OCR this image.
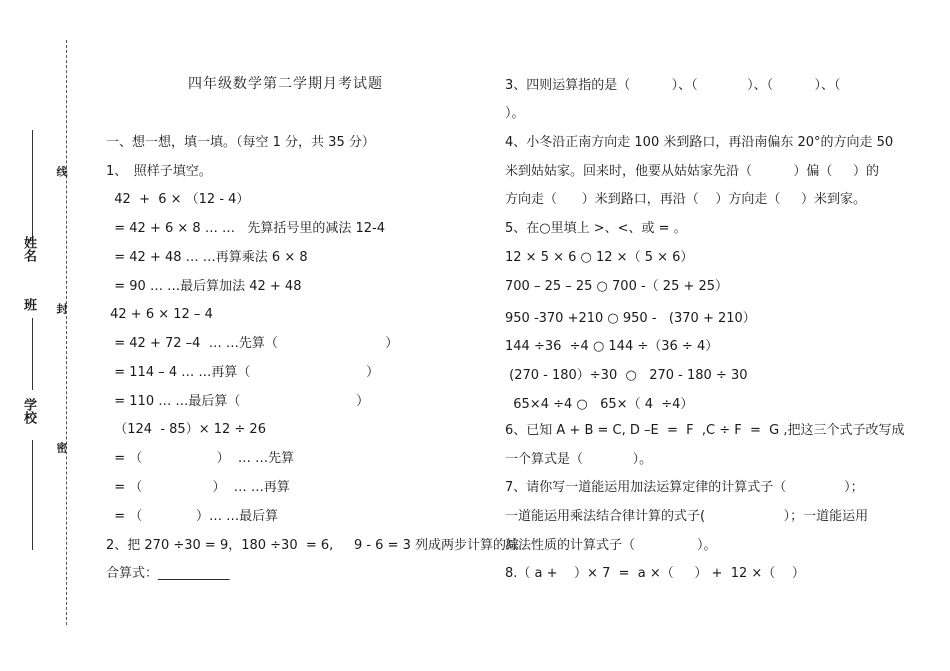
学校
班
姓名
密
封
线
四年级数学第二学期月考试题
一、想一想，填一填。（每空 1 分，共 35 分）
1、　照样子填空。
42  +  6 × （12 - 4）
= 42 + 6 × 8 … …   先算括号里的减法 12-4
= 42 + 48 … …再算乘法 6 × 8
= 90 … …最后算加法 42 + 48
42 + 6 × 12 – 4
= 42 + 72 –4  … …先算（                          ）
= 114 – 4 … …再算（                            ）
= 110 … …最后算（                            ）
（124  - 85）× 12 ÷ 26
= （                  ）  … …先算
= （                 ）  … …再算
= （             ）… …最后算
2、把 270 ÷30 = 9，180 ÷30  = 6,     9 - 6 = 3 列成两步计算的综
合算式：___________
3、四则运算指的是（          ）、（            ）、（          ）、（
）。
4、小冬沿正南方向走 100 米到路口，再沿南偏东 20°的方向走 50
米到姑姑家。回来时，他要从姑姑家先沿（          ）偏（     ）的
方向走（      ）米到路口，再沿（    ）方向走（     ）米到家。
5、在○里填上 >、<、或 = 。
12 × 5 × 6 ○ 12 ×（ 5 × 6）
700 – 25 – 25 ○ 700 -（ 25 + 25）
950 -370 +210 ○ 950 -   (370 + 210）
144 ÷36  ÷4 ○ 144 ÷（36 ÷ 4）
(270 - 180）÷30  ○   270 - 180 ÷ 30
65×4 ÷4 ○   65×（ 4  ÷4）
6、已知 A + B = C, D –E  =  F  ,C ÷ F  =  G ,把这三个式子改写成
一个算式是（            ）。
7、请你写一道能运用加法运算定律的计算式子（              ）；
一道能运用乘法结合律计算的式子(                   ）；一道能运用
减法性质的计算式子（               ）。
8.（ a +    ）× 7  =  a ×（     ） +  12 ×（    ）
